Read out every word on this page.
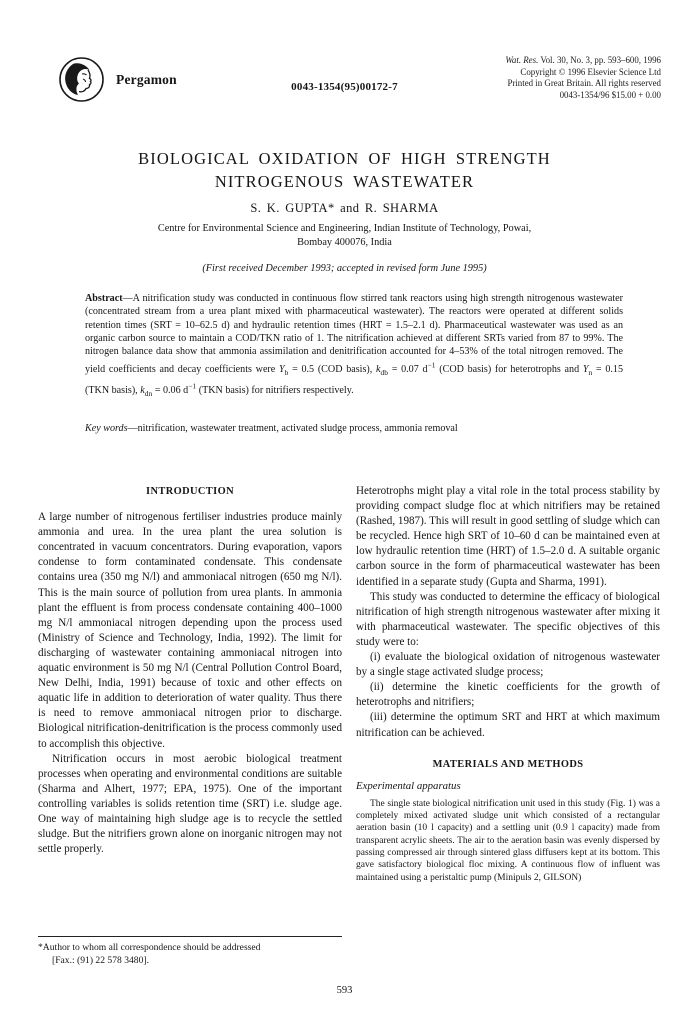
Pergamon
0043-1354(95)00172-7
Wat. Res. Vol. 30, No. 3, pp. 593–600, 1996
Copyright © 1996 Elsevier Science Ltd
Printed in Great Britain. All rights reserved
0043-1354/96 $15.00 + 0.00
BIOLOGICAL OXIDATION OF HIGH STRENGTH
NITROGENOUS WASTEWATER
S. K. GUPTA* and R. SHARMA
Centre for Environmental Science and Engineering, Indian Institute of Technology, Powai,
Bombay 400076, India
(First received December 1993; accepted in revised form June 1995)

Abstract—A nitrification study was conducted in continuous flow stirred tank reactors using high strength nitrogenous wastewater (concentrated stream from a urea plant mixed with pharmaceutical wastewater). The reactors were operated at different solids retention times (SRT = 10–62.5 d) and hydraulic retention times (HRT = 1.5–2.1 d). Pharmaceutical wastewater was used as an organic carbon source to maintain a COD/TKN ratio of 1. The nitrification achieved at different SRTs varied from 87 to 99%. The nitrogen balance data show that ammonia assimilation and denitrification accounted for 4–53% of the total nitrogen removed. The yield coefficients and decay coefficients were $Y_b = 0.5$ (COD basis), $k_{db} = 0.07$ $d^{-1}$ (COD basis) for heterotrophs and $Y_n = 0.15$ (TKN basis), $k_{dn} = 0.06$ $d^{-1}$ (TKN basis) for nitrifiers respectively.

Key words—nitrification, wastewater treatment, activated sludge process, ammonia removal

INTRODUCTION

A large number of nitrogenous fertiliser industries produce mainly ammonia and urea. In the urea plant the urea solution is concentrated in vacuum concentrators. During evaporation, vapors condense to form contaminated condensate. This condensate contains urea (350 mg N/l) and ammoniacal nitrogen (650 mg N/l). This is the main source of pollution from urea plants. In ammonia plant the effluent is from process condensate containing 400–1000 mg N/l ammoniacal nitrogen depending upon the process used (Ministry of Science and Technology, India, 1992). The limit for discharging of wastewater containing ammoniacal nitrogen into aquatic environment is 50 mg N/l (Central Pollution Control Board, New Delhi, India, 1991) because of toxic and other effects on aquatic life in addition to deterioration of water quality. Thus there is need to remove ammoniacal nitrogen prior to discharge. Biological nitrification-denitrification is the process commonly used to accomplish this objective.

Nitrification occurs in most aerobic biological treatment processes when operating and environmental conditions are suitable (Sharma and Alhert, 1977; EPA, 1975). One of the important controlling variables is solids retention time (SRT) i.e. sludge age. One way of maintaining high sludge age is to recycle the settled sludge. But the nitrifiers grown alone on inorganic nitrogen may not settle properly.

Heterotrophs might play a vital role in the total process stability by providing compact sludge floc at which nitrifiers may be retained (Rashed, 1987). This will result in good settling of sludge which can be recycled. Hence high SRT of 10–60 d can be maintained even at low hydraulic retention time (HRT) of 1.5–2.0 d. A suitable organic carbon source in the form of pharmaceutical wastewater has been identified in a separate study (Gupta and Sharma, 1991).

This study was conducted to determine the efficacy of biological nitrification of high strength nitrogenous wastewater after mixing it with pharmaceutical wastewater. The specific objectives of this study were to:

(i) evaluate the biological oxidation of nitrogenous wastewater by a single stage activated sludge process;

(ii) determine the kinetic coefficients for the growth of heterotrophs and nitrifiers;

(iii) determine the optimum SRT and HRT at which maximum nitrification can be achieved.

MATERIALS AND METHODS
Experimental apparatus

The single state biological nitrification unit used in this study (Fig. 1) was a completely mixed activated sludge unit which consisted of a rectangular aeration basin (10 l capacity) and a settling unit (0.9 l capacity) made from transparent acrylic sheets. The air to the aeration basin was evenly dispersed by passing compressed air through sintered glass diffusers kept at its bottom. This gave satisfactory biological floc mixing. A continuous flow of influent was maintained using a peristaltic pump (Minipuls 2, GILSON)

*Author to whom all correspondence should be addressed
[Fax.: (91) 22 578 3480].
593
